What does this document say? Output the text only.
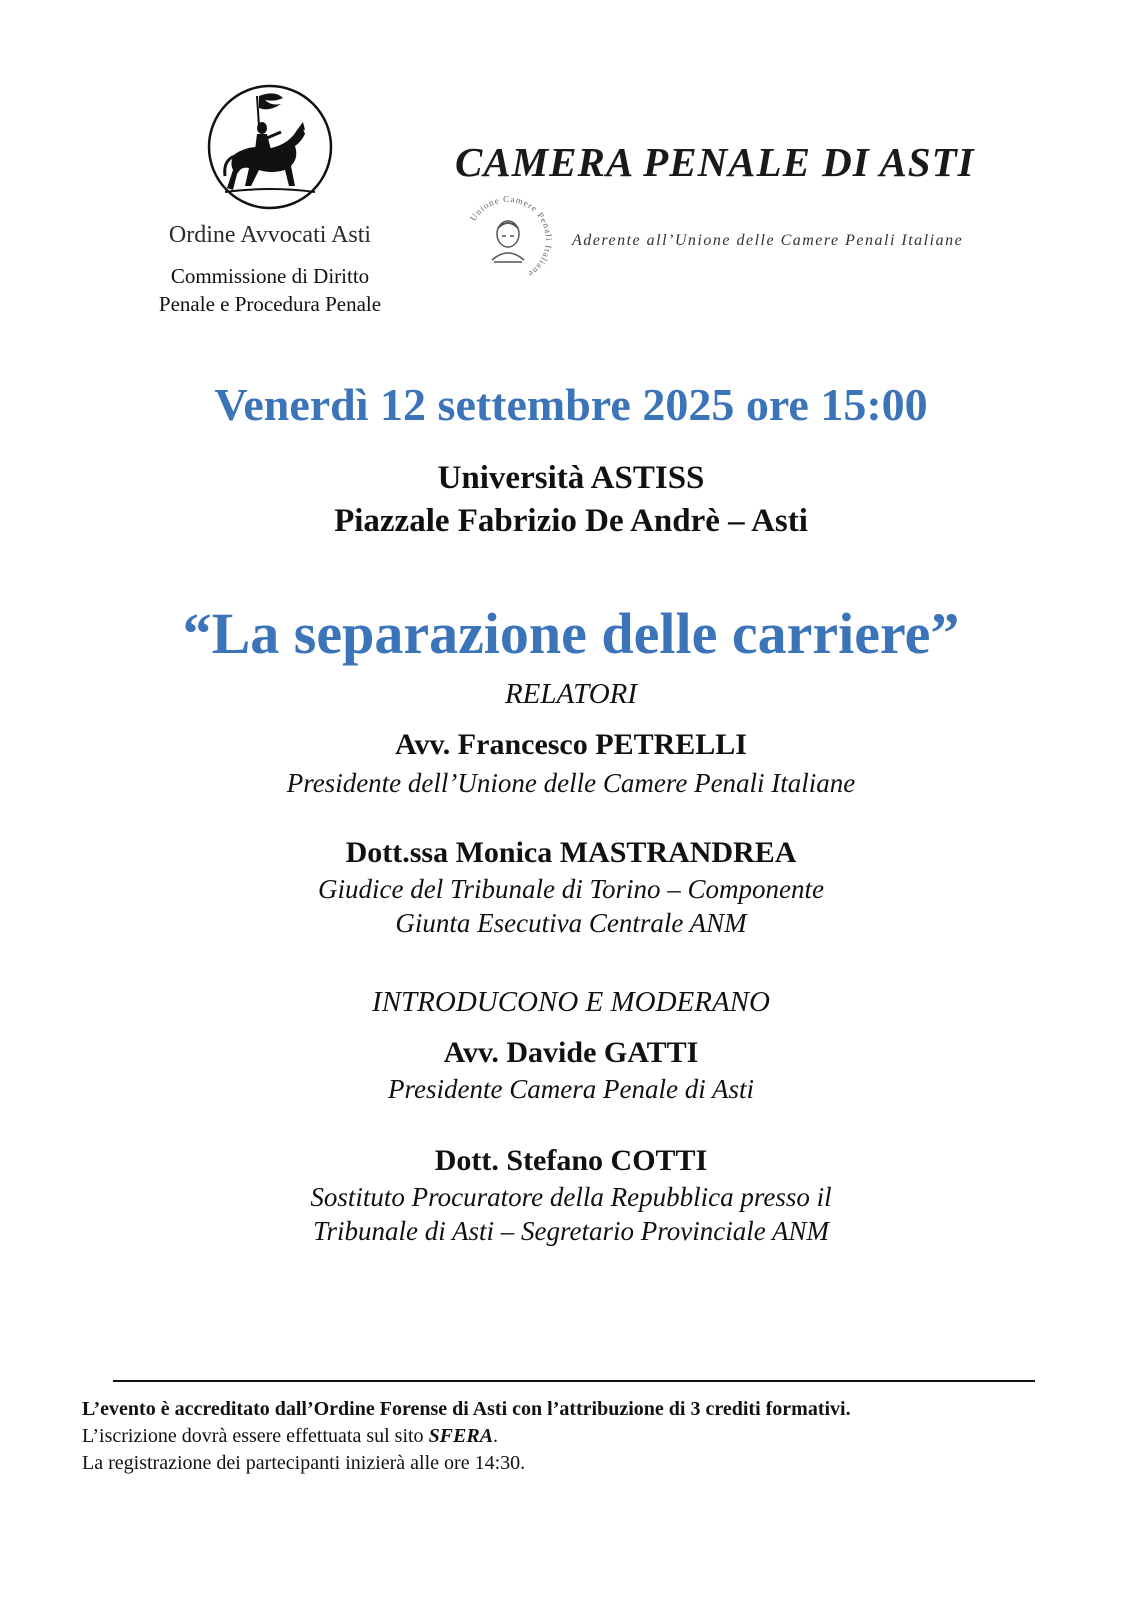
Ordine Avvocati Asti
Commissione di Diritto
Penale e Procedura Penale
CAMERA PENALE DI ASTI
Unione Camere Penali Italiane
Aderente all’Unione delle Camere Penali Italiane
Venerdì 12 settembre 2025 ore 15:00
Università ASTISS
Piazzale Fabrizio De Andrè – Asti
“La separazione delle carriere”
RELATORI
Avv. Francesco PETRELLI
Presidente dell’Unione delle Camere Penali Italiane
Dott.ssa Monica MASTRANDREA
Giudice del Tribunale di Torino – Componente
Giunta Esecutiva Centrale ANM
INTRODUCONO E MODERANO
Avv. Davide GATTI
Presidente Camera Penale di Asti
Dott. Stefano COTTI
Sostituto Procuratore della Repubblica presso il
Tribunale di Asti – Segretario Provinciale ANM
L’evento è accreditato dall’Ordine Forense di Asti con l’attribuzione di 3 crediti formativi.
L’iscrizione dovrà essere effettuata sul sito SFERA.
La registrazione dei partecipanti inizierà alle ore 14:30.
